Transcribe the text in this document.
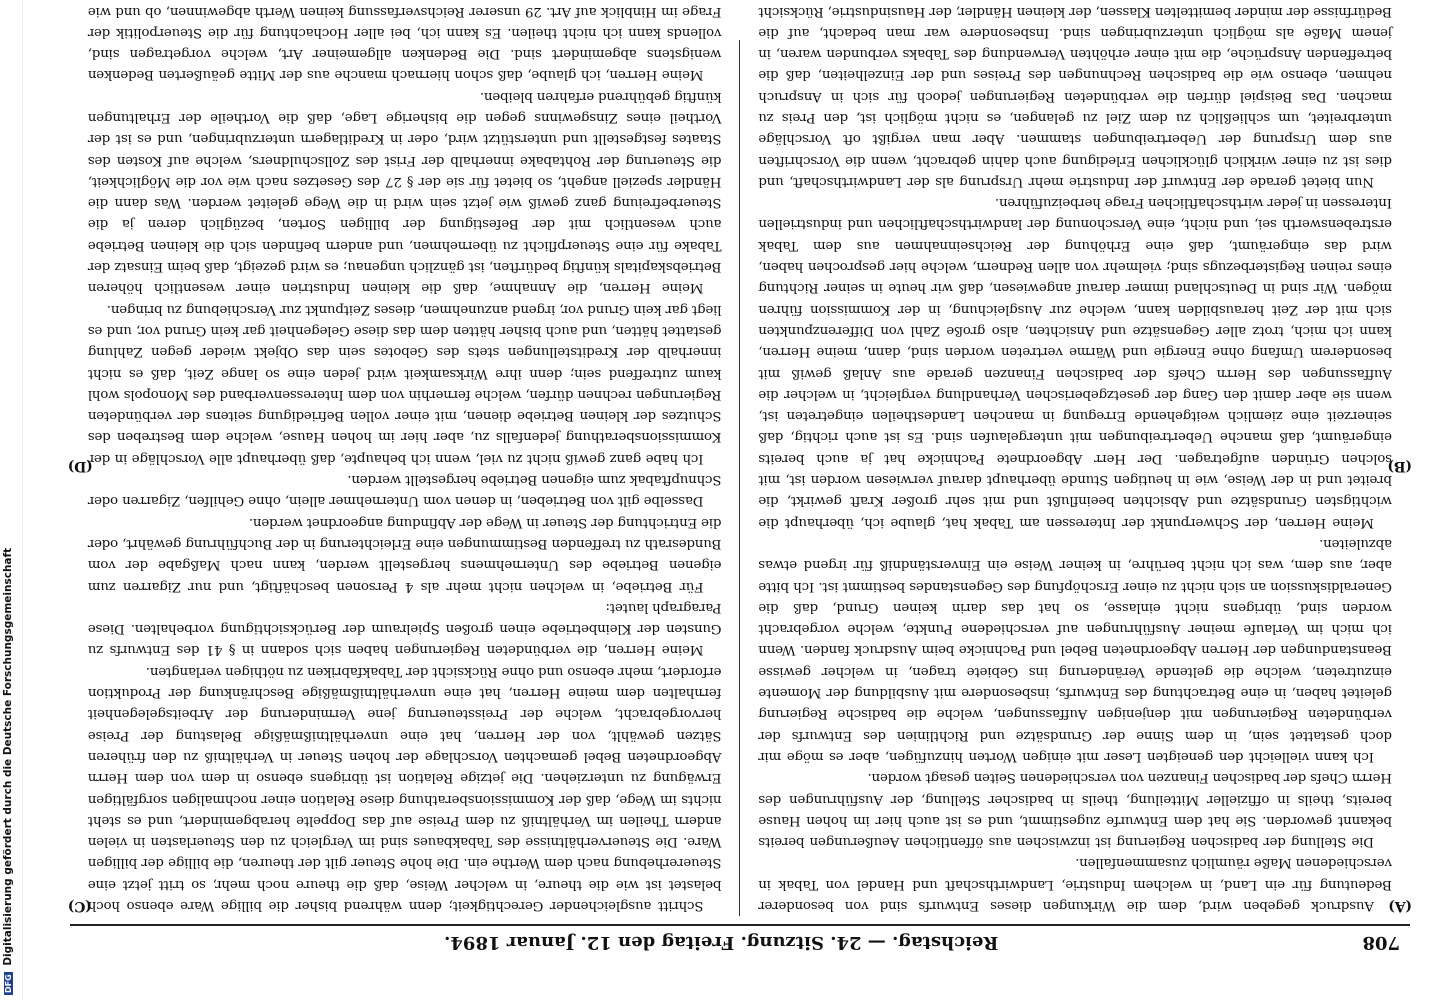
DFG Digitalisierung gefördert durch die Deutsche Forschungsgemeinschaft	708
Reichstag. — 24. Sitzung. Freitag den 12. Januar 1894.
(A)
(B)

Ausdruck gegeben wird, dem die Wirkungen dieses Entwurfs sind von besonderer Bedeutung für ein Land, in welchem Industrie, Landwirthschaft und Handel von Tabak in verschiedenen Maße räumlich zusammenfallen.

Die Stellung der badischen Regierung ist inzwischen aus öffentlichen Aeußerungen bereits bekannt geworden. Sie hat dem Entwurfe zugestimmt, und es ist auch hier im hohen Hause bereits, theils in offizieller Mitteilung, theils in badischer Stellung, der Ausführungen des Herrn Chefs der badischen Finanzen von verschiedenen Seiten gesagt worden.

Ich kann vielleicht den geneigten Leser mit einigen Worten hinzufügen, aber es möge mir doch gestattet sein, in dem Sinne der Grundsätze und Richtlinien des Entwurfs der verbündeten Regierungen mit denjenigen Auffassungen, welche die badische Regierung geleitet haben, in eine Betrachtung des Entwurfs, insbesondere mit Ausbildung der Momente einzutreten, welche die geltende Veränderung ins Gebiete tragen, in welcher gewisse Beanstandungen der Herren Abgeordneten Bebel und Pachnicke beim Ausdruck fanden. Wenn ich mich im Verlaufe meiner Ausführungen auf verschiedene Punkte, welche vorgebracht worden sind, übrigens nicht einlasse, so hat das darin keinen Grund, daß die Generaldiskussion an sich nicht zu einer Erschöpfung des Gegenstandes bestimmt ist. Ich bitte aber, aus dem, was ich nicht berühre, in keiner Weise ein Einverständniß für irgend etwas abzuleiten.

Meine Herren, der Schwerpunkt der Interessen am Tabak hat, glaube ich, überhaupt die wichtigsten Grundsätze und Absichten beeinflußt und mit sehr großer Kraft gewirkt, die breitet und in der Weise, wie in heutigen Stunde überhaupt darauf verwiesen worden ist, mit solchen Gründen aufgetragen. Der Herr Abgeordnete Pachnicke hat ja auch bereits eingeräumt, daß manche Uebertreibungen mit untergelaufen sind. Es ist auch richtig, daß seinerzeit eine ziemlich weitgehende Erregung in manchen Landestheilen eingetreten ist, wenn sie aber damit den Gang der gesetzgeberischen Verhandlung vergleicht, in welcher die Auffassungen des Herrn Chefs der badischen Finanzen gerade aus Anlaß gewiß mit besonderem Umfang ohne Energie und Wärme vertreten worden sind, dann, meine Herren, kann ich mich, trotz aller Gegensätze und Ansichten, also große Zahl von Differenzpunkten sich mit der Zeit herausbilden kann, welche zur Ausgleichung, in der Kommission führen mögen. Wir sind in Deutschland immer darauf angewiesen, daß wir heute in seiner Richtung eines reinen Registerbezugs sind; vielmehr von allen Rednern, welche hier gesprochen haben, wird das eingeräumt, daß eine Erhöhung der Reichseinnahmen aus dem Tabak erstrebenswerth sei, und nicht, eine Verschonung der landwirthschaftlichen und industriellen Interessen in jeder wirthschaftlichen Frage herbeizuführen.

Nun bietet gerade der Entwurf der Industrie mehr Ursprung als der Landwirthschaft, und dies ist zu einer wirklich glücklichen Erledigung auch dahin gebracht, wenn die Vorschriften aus dem Ursprung der Uebertreibungen stammen. Aber man vergißt oft Vorschläge unterbreitet, um schließlich zu dem Ziel zu gelangen, es nicht möglich ist, den Preis zu machen. Das Beispiel dürfen die verbündeten Regierungen jedoch für sich in Anspruch nehmen, ebenso wie die badischen Rechnungen des Preises und der Einzelheiten, daß die betreffenden Ansprüche, die mit einer erhöhten Verwendung des Tabaks verbunden waren, in jenem Maße als möglich unterzubringen sind. Insbesondere war man bedacht, auf die Bedürfnisse der minder bemittelten Klassen, der kleinen Händler, der Hausindustrie, Rücksicht

(C)
(D)

Schritt ausgleichender Gerechtigkeit; denn während bisher die billige Ware ebenso hoch belastet ist wie die theure, in welcher Weise, daß die theure noch mehr, so tritt jetzt eine Steuererhebung nach dem Werthe ein. Die hohe Steuer gilt der theuren, die billige der billigen Ware. Die Steuerverhältnisse des Tabakbaues sind im Vergleich zu den Steuerlasten in vielen andern Theilen im Verhältniß zu dem Preise auf das Doppelte herabgemindert, und es steht nichts im Wege, daß der Kommissionsberathung diese Relation einer nochmaligen sorgfältigen Erwägung zu unterziehen. Die jetzige Relation ist übrigens ebenso in dem von dem Herrn Abgeordneten Bebel gemachten Vorschlage der hohen Steuer in Verhältniß zu den früheren Sätzen gewählt, von der Herren, hat eine unverhältnißmäßige Belastung der Preise hervorgebracht, welche der Preissteuerung jene Verminderung der Arbeitsgelegenheit fernhalten dem meine Herren, hat eine unverhältnißmäßige Beschränkung der Produktion erfordert, mehr ebenso und ohne Rücksicht der Tabakfabriken zu nöthigen verlangten.

Meine Herren, die verbündeten Regierungen haben sich sodann in § 41 des Entwurfs zu Gunsten der Kleinbetriebe einen großen Spielraum der Berücksichtigung vorbehalten. Diese Paragraph lautet:

Für Betriebe, in welchen nicht mehr als 4 Personen beschäftigt, und nur Zigarren zum eigenen Betriebe des Unternehmens hergestellt werden, kann nach Maßgabe der vom Bundesrath zu treffenden Bestimmungen eine Erleichterung in der Buchführung gewährt, oder die Entrichtung der Steuer in Wege der Abfindung angeordnet werden.

Dasselbe gilt von Betrieben, in denen vom Unternehmer allein, ohne Gehilfen, Zigarren oder Schnupftabak zum eigenen Betriebe hergestellt werden.

Ich habe ganz gewiß nicht zu viel, wenn ich behaupte, daß überhaupt alle Vorschläge in der Kommissionsberathung jedenfalls zu, aber hier im hohen Hause, welche dem Bestreben des Schutzes der kleinen Betriebe dienen, mit einer vollen Befriedigung seitens der verbündeten Regierungen rechnen dürfen, welche fernerhin von dem Interessenverband des Monopols wohl kaum zutreffend sein; denn ihre Wirksamkeit wird jeden eine so lange Zeit, daß es nicht innerhalb der Kreditstellungen stets des Gebotes sein das Objekt wieder gegen Zahlung gestattet hätten, und auch bisher hätten dem das diese Gelegenheit gar kein Grund vor, und es liegt gar kein Grund vor, irgend anzunehmen, dieses Zeitpunkt zur Verschiebung zu bringen.

Meine Herren, die Annahme, daß die kleinen Industrien einer wesentlich höheren Betriebskapitals künftig bedürften, ist gänzlich ungenau; es wird gezeigt, daß beim Einsatz der Tabake für eine Steuerpflicht zu übernehmen, und andern befinden sich die kleinen Betriebe auch wesentlich mit der Befestigung der billigen Sorten, bezüglich deren ja die Steuerbefreiung ganz gewiß wie jetzt sein wird in die Wege geleitet werden. Was dann die Händler speziell angeht, so bietet für sie der § 27 des Gesetzes nach wie vor die Möglichkeit, die Steuerung der Rohtabake innerhalb der Frist des Zollschuldners, welche auf Kosten des Staates festgestellt und unterstützt wird, oder in Kreditlagern unterzubringen, und es ist der Vortheil eines Zinsgewinns gegen die bisherige Lage, daß die Vortheile der Erhaltungen künftig gebührend erfahren bleiben.

Meine Herren, ich glaube, daß schon hiernach manche aus der Mitte geäußerten Bedenken wenigstens abgemindert sind. Die Bedenken allgemeiner Art, welche vorgetragen sind, vollends kann ich nicht theilen. Es kann ich, bei aller Hochachtung für die Steuerpolitik der Frage im Hinblick auf Art. 29 unserer Reichsverfassung keinen Werth abgewinnen, ob und wie
